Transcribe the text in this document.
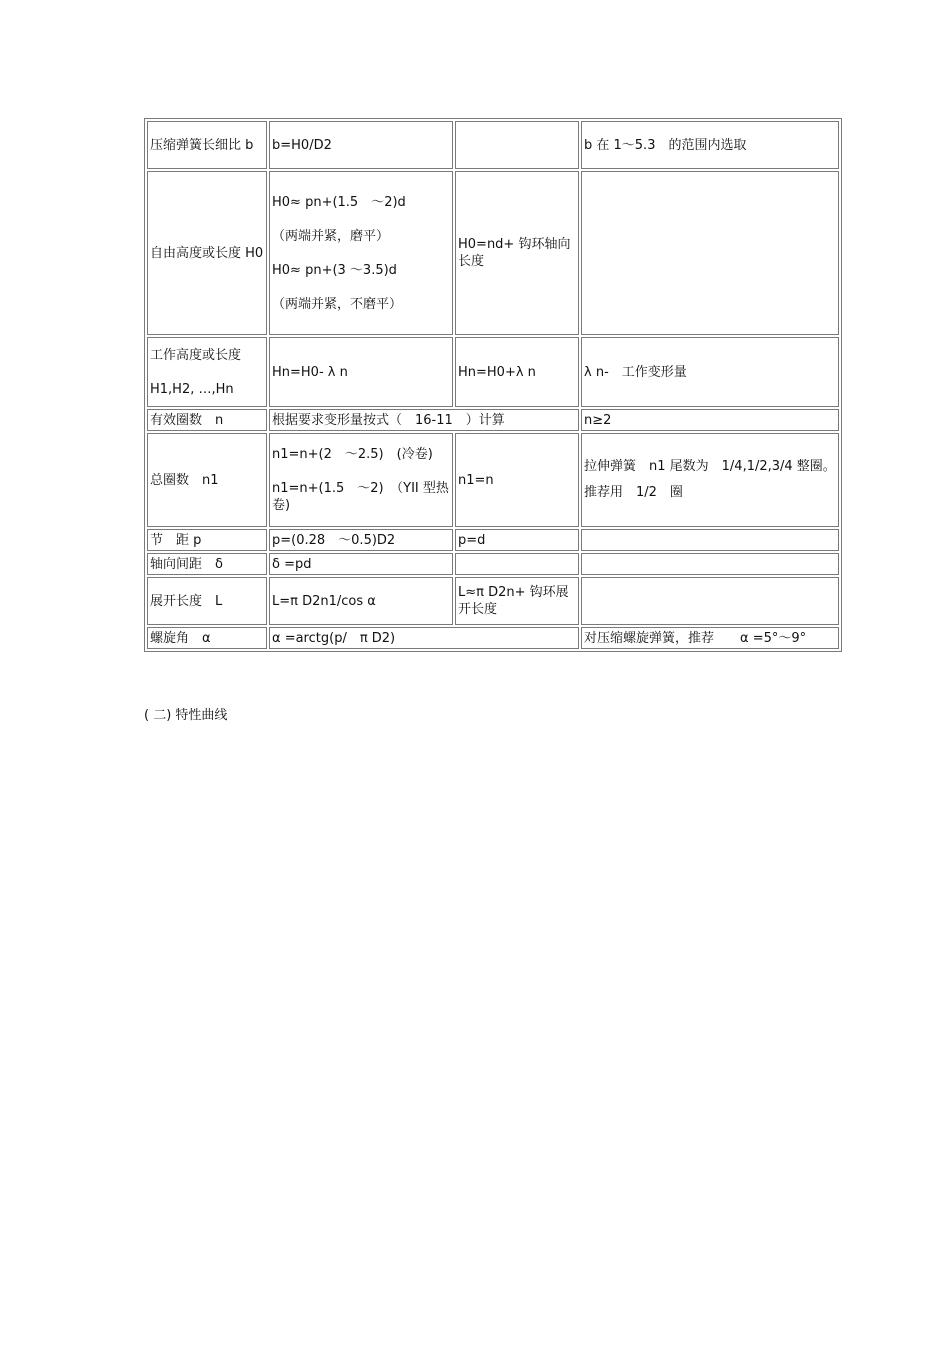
压缩弹簧长细比 b	b=H0/D2		b 在 1～5.3　的范围内选取

自由高度或长度 H0	H0≈ pn+(1.5　～2)d
（两端并紧，磨平）
H0≈ pn+(3 ～3.5)d
（两端并紧，不磨平）	H0=nd+ 钩环轴向长度	

工作高度或长度
H1,H2, …,Hn	Hn=H0- λ n	Hn=H0+λ n	λ n-　工作变形量

有效圈数　n	根据要求变形量按式（　16-11　）计算		n≥2

总圈数　n1	n1=n+(2　～2.5)　(冷卷)
n1=n+(1.5　～2)　（YII 型热卷)	n1=n	拉伸弹簧　n1 尾数为　1/4,1/2,3/4 整圈。推荐用　1/2　圈

节　距 p	p=(0.28　～0.5)D2	p=d	

轴向间距　δ	δ =pd		

展开长度　L	L=π D2n1/cos α	L≈π D2n+ 钩环展开长度	

螺旋角　α	α =arctg(p/　π D2)		对压缩螺旋弹簧，推荐　　α =5°～9°
( 二) 特性曲线
